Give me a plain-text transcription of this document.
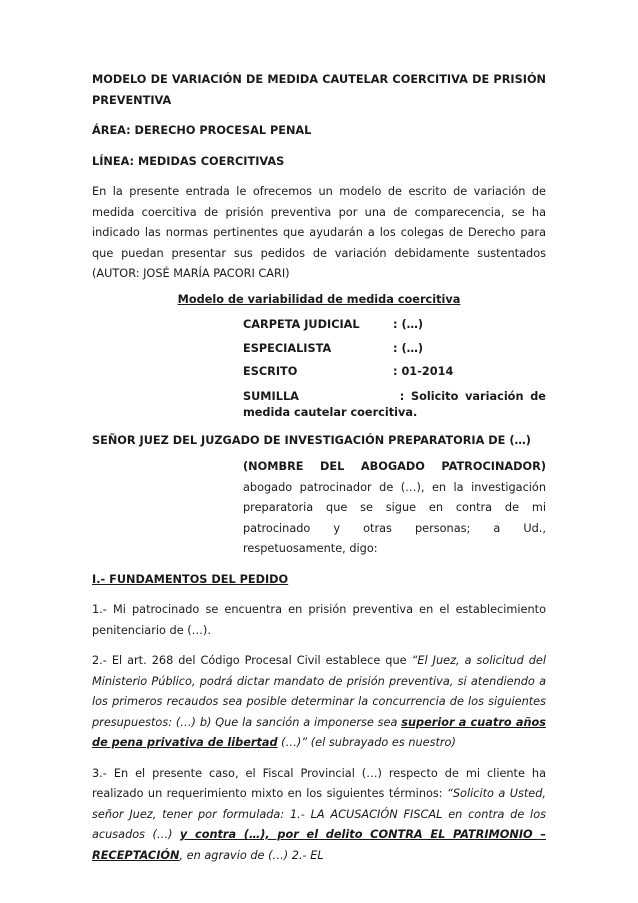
MODELO DE VARIACIÓN DE MEDIDA CAUTELAR COERCITIVA DE PRISIÓN PREVENTIVA

ÁREA: DERECHO PROCESAL PENAL

LÍNEA: MEDIDAS COERCITIVAS

En la presente entrada le ofrecemos un modelo de escrito de variación de medida coercitiva de prisión preventiva por una de comparecencia, se ha indicado las normas pertinentes que ayudarán a los colegas de Derecho para que puedan presentar sus pedidos de variación debidamente sustentados (AUTOR: JOSÉ MARÍA PACORI CARI)

Modelo de variabilidad de medida coercitiva

CARPETA JUDICIAL	: (…)
ESPECIALISTA	: (…)
ESCRITO	: 01-2014
SUMILLA	: Solicito variación de
medida cautelar coercitiva.

SEÑOR JUEZ DEL JUZGADO DE INVESTIGACIÓN PREPARATORIA DE (…)

(NOMBRE DEL ABOGADO PATROCINADOR) abogado patrocinador de (…), en la investigación preparatoria que se sigue en contra de mi patrocinado y otras personas; a Ud., respetuosamente, digo:

I.- FUNDAMENTOS DEL PEDIDO

1.- Mi patrocinado se encuentra en prisión preventiva en el establecimiento penitenciario de (…).

2.- El art. 268 del Código Procesal Civil establece que “El Juez, a solicitud del Ministerio Público, podrá dictar mandato de prisión preventiva, si atendiendo a los primeros recaudos sea posible determinar la concurrencia de los siguientes presupuestos: (…) b) Que la sanción a imponerse sea superior a cuatro años de pena privativa de libertad (…)” (el subrayado es nuestro)

3.- En el presente caso, el Fiscal Provincial (…) respecto de mi cliente ha realizado un requerimiento mixto en los siguientes términos: “Solicito a Usted, señor Juez, tener por formulada: 1.- LA ACUSACIÓN FISCAL en contra de los acusados (…) y contra (…), por el delito CONTRA EL PATRIMONIO – RECEPTACIÓN, en agravio de (…) 2.- EL
